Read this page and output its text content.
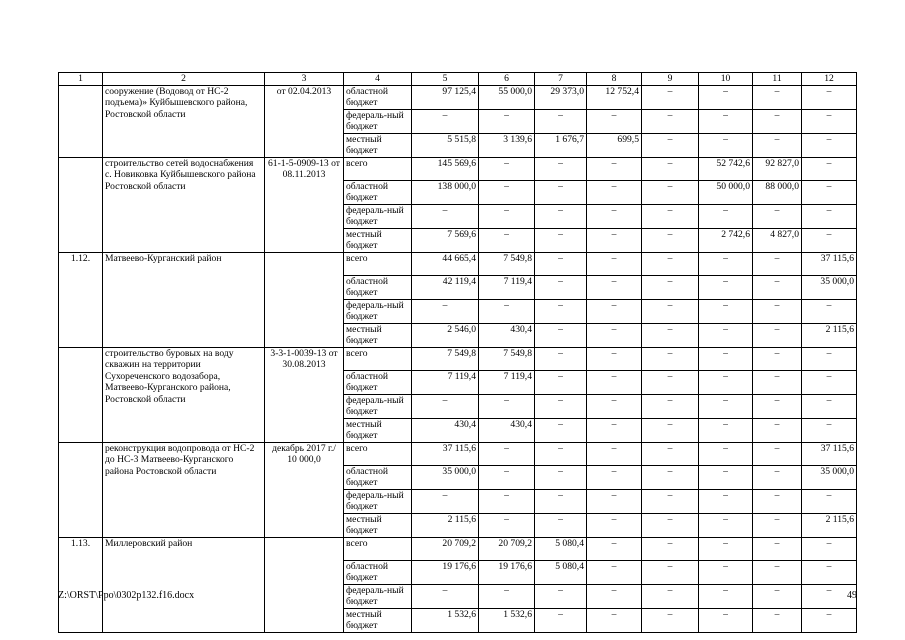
1	2	3	4	5	6	7	8	9	10	11	12
	сооружение (Водовод от НС-2 подъема)» Куйбышевского района, Ростовской области	от 02.04.2013	областной бюджет	97 125,4	55 000,0	29 373,0	12 752,4	–	–	–	–
			федераль-ный бюджет	–	–	–	–	–	–	–	–
			местный бюджет	5 515,8	3 139,6	1 676,7	699,5	–	–	–	–
	строительство сетей водоснабжения с. Новиковка Куйбышевского района Ростовской области	61-1-5-0909-13 от 08.11.2013	всего	145 569,6	–	–	–	–	52 742,6	92 827,0	–
			областной бюджет	138 000,0	–	–	–	–	50 000,0	88 000,0	–
			федераль-ный бюджет	–	–	–	–	–	–	–	–
			местный бюджет	7 569,6	–	–	–	–	2 742,6	4 827,0	–
1.12.	Матвеево-Курганский район		всего	44 665,4	7 549,8	–	–	–	–	–	37 115,6
			областной бюджет	42 119,4	7 119,4	–	–	–	–	–	35 000,0
			федераль-ный бюджет	–	–	–	–	–	–	–	–
			местный бюджет	2 546,0	430,4	–	–	–	–	–	2 115,6
	строительство буровых на воду скважин на территории Сухореченского водозабора, Матвеево-Курганского района, Ростовской области	3-3-1-0039-13 от 30.08.2013	всего	7 549,8	7 549,8	–	–	–	–	–	–
			областной бюджет	7 119,4	7 119,4	–	–	–	–	–	–
			федераль-ный бюджет	–	–	–	–	–	–	–	–
			местный бюджет	430,4	430,4	–	–	–	–	–	–
	реконструкция водопровода от НС-2 до НС-3 Матвеево-Курганского района Ростовской области	декабрь 2017 г./ 10 000,0	всего	37 115,6	–	–	–	–	–	–	37 115,6
			областной бюджет	35 000,0	–	–	–	–	–	–	35 000,0
			федераль-ный бюджет	–	–	–	–	–	–	–	–
			местный бюджет	2 115,6	–	–	–	–	–	–	2 115,6
1.13.	Миллеровский район		всего	20 709,2	20 709,2	5 080,4	–	–	–	–	–
			областной бюджет	19 176,6	19 176,6	5 080,4	–	–	–	–	–
			федераль-ный бюджет	–	–	–	–	–	–	–	–
			местный бюджет	1 532,6	1 532,6	–	–	–	–	–	–
Z:\ORST\Ppo\0302p132.f16.docx	49
